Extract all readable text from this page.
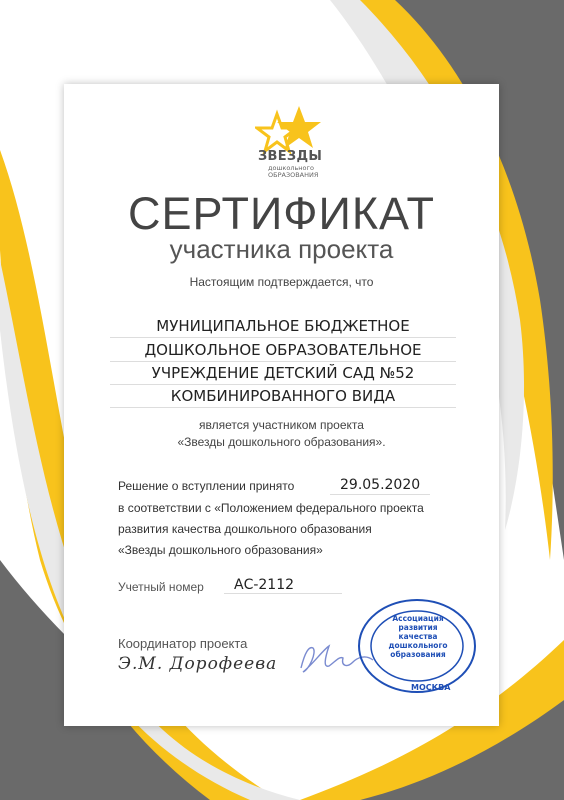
ЗВЕЗДЫ
дошкольного
ОБРАЗОВАНИЯ
СЕРТИФИКАТ
участника проекта
Настоящим подтверждается, что
МУНИЦИПАЛЬНОЕ БЮДЖЕТНОЕ
ДОШКОЛЬНОЕ ОБРАЗОВАТЕЛЬНОЕ
УЧРЕЖДЕНИЕ ДЕТСКИЙ САД №52
КОМБИНИРОВАННОГО ВИДА
является участником проекта
«Звезды дошкольного образования».
Решение о вступлении принято	29.05.2020
в соответствии с «Положением федерального проекта
развития качества дошкольного образования
«Звезды дошкольного образования»
Учетный номер АС-2112
Координатор проекта
Э.М. Дорофеева
МОСКВА
Ассоциация
развития
качества
дошкольного
образования
